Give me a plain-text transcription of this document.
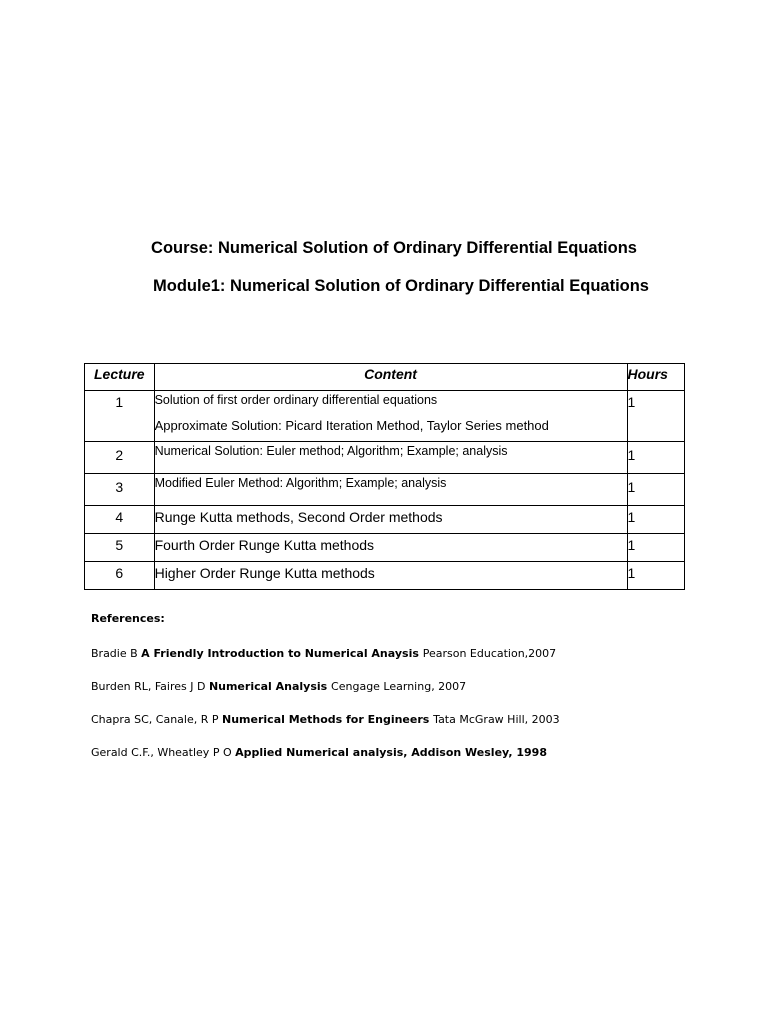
Course: Numerical Solution of Ordinary Differential Equations
Module1: Numerical Solution of Ordinary Differential Equations
Lecture	Content	Hours
1	Solution of first order ordinary differential equations
Approximate Solution: Picard Iteration Method, Taylor Series method	1
2	Numerical Solution: Euler method; Algorithm; Example; analysis	1
3	Modified Euler Method: Algorithm; Example; analysis	1
4	Runge Kutta methods, Second Order methods	1
5	Fourth Order Runge Kutta methods	1
6	Higher Order Runge Kutta methods	1

References:

Bradie B A Friendly Introduction to Numerical Anaysis Pearson Education,2007

Burden RL, Faires J D Numerical Analysis Cengage Learning, 2007

Chapra SC, Canale, R P Numerical Methods for Engineers Tata McGraw Hill, 2003

Gerald C.F., Wheatley P O Applied Numerical analysis, Addison Wesley, 1998
